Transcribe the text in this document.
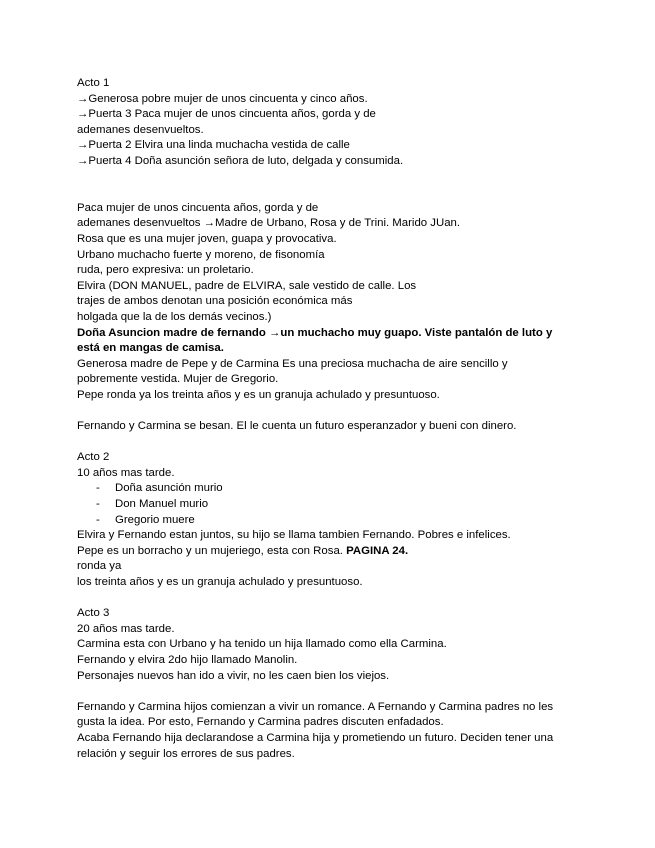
Acto 1
→Generosa pobre mujer de unos cincuenta y cinco años.
→Puerta 3 Paca mujer de unos cincuenta años, gorda y de
ademanes desenvueltos.
→Puerta 2 Elvira una linda muchacha vestida de calle
→Puerta 4 Doña asunción señora de luto, delgada y consumida.
Paca mujer de unos cincuenta años, gorda y de
ademanes desenvueltos →Madre de Urbano, Rosa y de Trini. Marido JUan.
Rosa que es una mujer joven, guapa y provocativa.
Urbano muchacho fuerte y moreno, de fisonomía
ruda, pero expresiva: un proletario.
Elvira (DON MANUEL, padre de ELVIRA, sale vestido de calle. Los
trajes de ambos denotan una posición económica más
holgada que la de los demás vecinos.)
Doña Asuncion madre de fernando →un muchacho muy guapo. Viste pantalón de luto y
está en mangas de camisa.
Generosa madre de Pepe y de Carmina Es una preciosa muchacha de aire sencillo y
pobremente vestida. Mujer de Gregorio.
Pepe ronda ya los treinta años y es un granuja achulado y presuntuoso.
Fernando y Carmina se besan. El le cuenta un futuro esperanzador y bueni con dinero.
Acto 2
10 años mas tarde.
- Doña asunción murio
- Don Manuel murio
- Gregorio muere
Elvira y Fernando estan juntos, su hijo se llama tambien Fernando. Pobres e infelices.
Pepe es un borracho y un mujeriego, esta con Rosa. PAGINA 24.
ronda ya
los treinta años y es un granuja achulado y presuntuoso.
Acto 3
20 años mas tarde.
Carmina esta con Urbano y ha tenido un hija llamado como ella Carmina.
Fernando y elvira 2do hijo llamado Manolin.
Personajes nuevos han ido a vivir, no les caen bien los viejos.
Fernando y Carmina hijos comienzan a vivir un romance. A Fernando y Carmina padres no les
gusta la idea. Por esto, Fernando y Carmina padres discuten enfadados.
Acaba Fernando hija declarandose a Carmina hija y prometiendo un futuro. Deciden tener una
relación y seguir los errores de sus padres.
